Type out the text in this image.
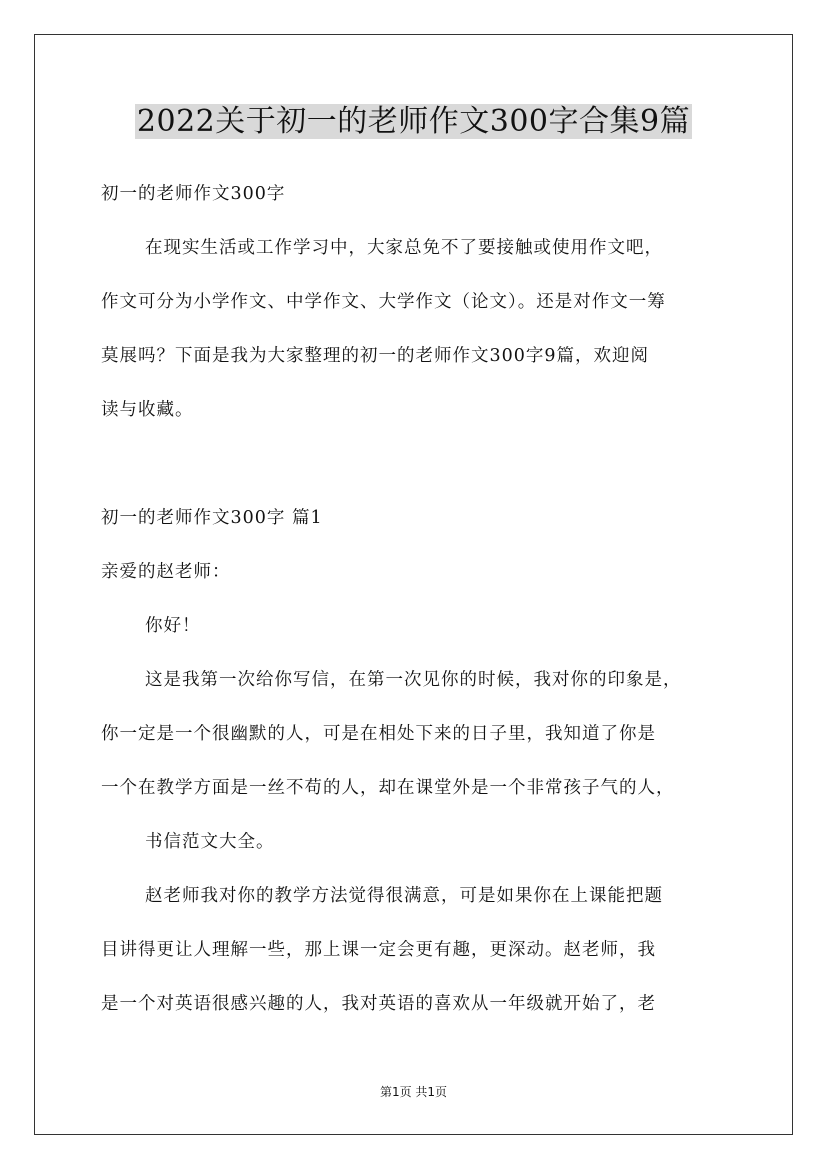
2022关于初一的老师作文300字合集9篇
初一的老师作文300字
在现实生活或工作学习中，大家总免不了要接触或使用作文吧，
作文可分为小学作文、中学作文、大学作文（论文）。还是对作文一筹
莫展吗？下面是我为大家整理的初一的老师作文300字9篇，欢迎阅
读与收藏。
初一的老师作文300字 篇1
亲爱的赵老师：
你好！
这是我第一次给你写信，在第一次见你的时候，我对你的印象是，
你一定是一个很幽默的人，可是在相处下来的日子里，我知道了你是
一个在教学方面是一丝不苟的人，却在课堂外是一个非常孩子气的人，
书信范文大全。
赵老师我对你的教学方法觉得很满意，可是如果你在上课能把题
目讲得更让人理解一些，那上课一定会更有趣，更深动。赵老师，我
是一个对英语很感兴趣的人，我对英语的喜欢从一年级就开始了，老
第1页 共1页
